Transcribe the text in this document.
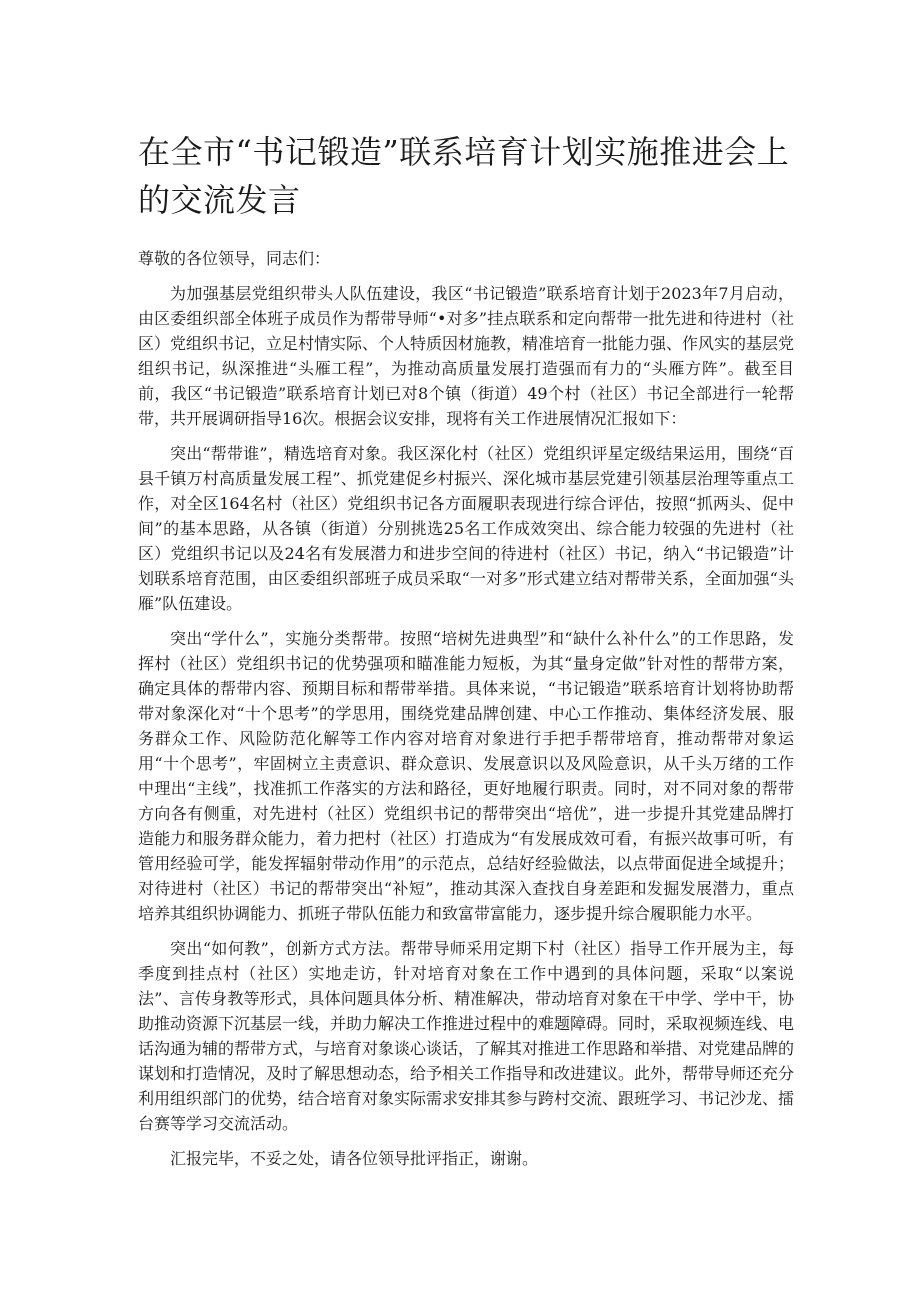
在全市“书记锻造”联系培育计划实施推进会上的交流发言

尊敬的各位领导，同志们：

为加强基层党组织带头人队伍建设，我区“书记锻造”联系培育计划于2023年7月启动，由区委组织部全体班子成员作为帮带导师“•对多”挂点联系和定向帮带一批先进和待进村（社区）党组织书记，立足村情实际、个人特质因材施教，精准培育一批能力强、作风实的基层党组织书记，纵深推进“头雁工程”，为推动高质量发展打造强而有力的“头雁方阵”。截至目前，我区“书记锻造”联系培育计划已对8个镇（街道）49个村（社区）书记全部进行一轮帮带，共开展调研指导16次。根据会议安排，现将有关工作进展情况汇报如下：

突出“帮带谁”，精选培育对象。我区深化村（社区）党组织评星定级结果运用，围绕“百县千镇万村高质量发展工程”、抓党建促乡村振兴、深化城市基层党建引领基层治理等重点工作，对全区164名村（社区）党组织书记各方面履职表现进行综合评估，按照“抓两头、促中间”的基本思路，从各镇（街道）分别挑选25名工作成效突出、综合能力较强的先进村（社区）党组织书记以及24名有发展潜力和进步空间的待进村（社区）书记，纳入“书记锻造”计划联系培育范围，由区委组织部班子成员采取“一对多”形式建立结对帮带关系，全面加强“头雁”队伍建设。

突出“学什么”，实施分类帮带。按照“培树先进典型”和“缺什么补什么”的工作思路，发挥村（社区）党组织书记的优势强项和瞄准能力短板，为其“量身定做”针对性的帮带方案，确定具体的帮带内容、预期目标和帮带举措。具体来说，“书记锻造”联系培育计划将协助帮带对象深化对“十个思考”的学思用，围绕党建品牌创建、中心工作推动、集体经济发展、服务群众工作、风险防范化解等工作内容对培育对象进行手把手帮带培育，推动帮带对象运用“十个思考”，牢固树立主责意识、群众意识、发展意识以及风险意识，从千头万绪的工作中理出“主线”，找准抓工作落实的方法和路径，更好地履行职责。同时，对不同对象的帮带方向各有侧重，对先进村（社区）党组织书记的帮带突出“培优”，进一步提升其党建品牌打造能力和服务群众能力，着力把村（社区）打造成为“有发展成效可看，有振兴故事可听，有管用经验可学，能发挥辐射带动作用”的示范点，总结好经验做法，以点带面促进全域提升；对待进村（社区）书记的帮带突出“补短”，推动其深入查找自身差距和发掘发展潜力，重点培养其组织协调能力、抓班子带队伍能力和致富带富能力，逐步提升综合履职能力水平。

突出“如何教”，创新方式方法。帮带导师采用定期下村（社区）指导工作开展为主，每季度到挂点村（社区）实地走访，针对培育对象在工作中遇到的具体问题，采取“以案说法”、言传身教等形式，具体问题具体分析、精准解决，带动培育对象在干中学、学中干，协助推动资源下沉基层一线，并助力解决工作推进过程中的难题障碍。同时，采取视频连线、电话沟通为辅的帮带方式，与培育对象谈心谈话，了解其对推进工作思路和举措、对党建品牌的谋划和打造情况，及时了解思想动态，给予相关工作指导和改进建议。此外，帮带导师还充分利用组织部门的优势，结合培育对象实际需求安排其参与跨村交流、跟班学习、书记沙龙、擂台赛等学习交流活动。

汇报完毕，不妥之处，请各位领导批评指正，谢谢。
